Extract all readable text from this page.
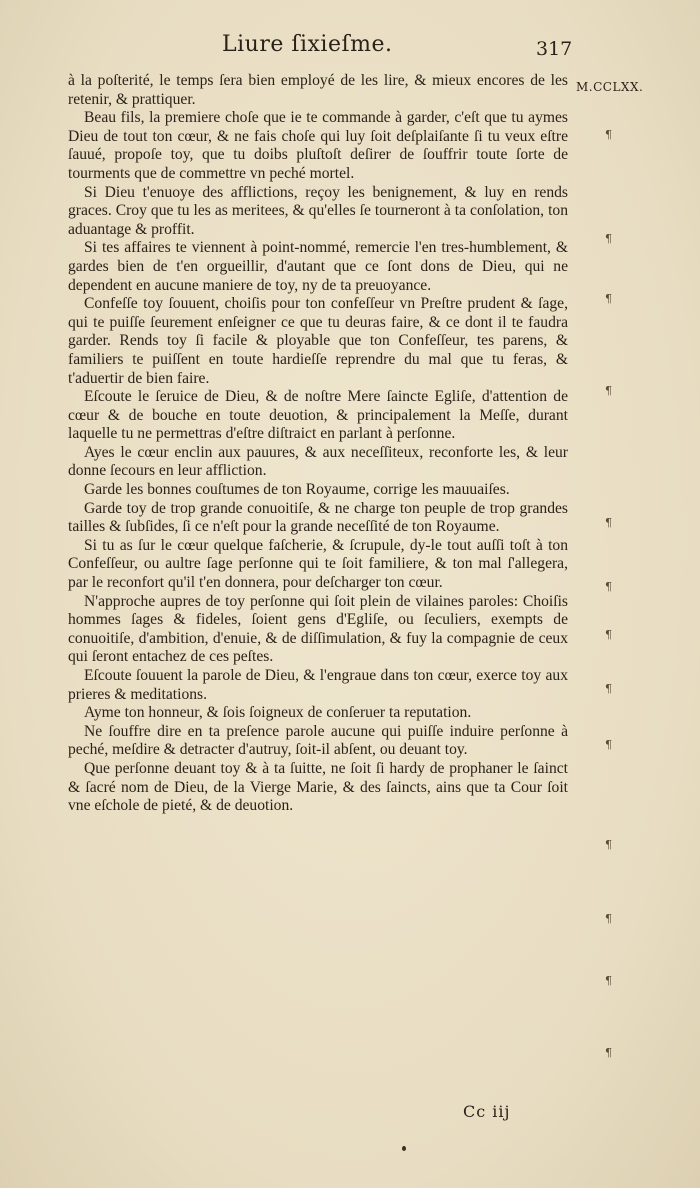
Liure ſixieſme.	317
M.CCLXX.

à la poſterité, le temps ſera bien employé de les lire, & mieux encores de les retenir, & prattiquer.

Beau fils, la premiere choſe que ie te commande à garder, c'eſt que tu aymes Dieu de tout ton cœur, & ne fais choſe qui luy ſoit deſplaiſante ſi tu veux eſtre ſauué, propoſe toy, que tu doibs pluſtoſt deſirer de ſouffrir toute ſorte de tourments que de commettre vn peché mortel.

Si Dieu t'enuoye des afflictions, reçoy les benignement, & luy en rends graces. Croy que tu les as meritees, & qu'elles ſe tourneront à ta conſolation, ton aduantage & proffit.

Si tes affaires te viennent à point-nommé, remercie l'en tres-humblement, & gardes bien de t'en orgueillir, d'autant que ce ſont dons de Dieu, qui ne dependent en aucune maniere de toy, ny de ta preuoyance.

Confeſſe toy ſouuent, choiſis pour ton confeſſeur vn Preſtre prudent & ſage, qui te puiſſe ſeurement enſeigner ce que tu deuras faire, & ce dont il te faudra garder. Rends toy ſi facile & ployable que ton Confeſſeur, tes parens, & familiers te puiſſent en toute hardieſſe reprendre du mal que tu feras, & t'aduertir de bien faire.

Eſcoute le ſeruice de Dieu, & de noſtre Mere ſaincte Egliſe, d'attention de cœur & de bouche en toute deuotion, & principalement la Meſſe, durant laquelle tu ne permettras d'eſtre diſtraict en parlant à perſonne.

Ayes le cœur enclin aux pauures, & aux neceſſiteux, reconforte les, & leur donne ſecours en leur affliction.

Garde les bonnes couſtumes de ton Royaume, corrige les mauuaiſes.

Garde toy de trop grande conuoitiſe, & ne charge ton peuple de trop grandes tailles & ſubſides, ſi ce n'eſt pour la grande neceſſité de ton Royaume.

Si tu as ſur le cœur quelque faſcherie, & ſcrupule, dy-le tout auſſi toſt à ton Confeſſeur, ou aultre ſage perſonne qui te ſoit familiere, & ton mal ſ'allegera, par le reconfort qu'il t'en donnera, pour deſcharger ton cœur.

N'approche aupres de toy perſonne qui ſoit plein de vilaines paroles: Choiſis hommes ſages & fideles, ſoient gens d'Egliſe, ou ſeculiers, exempts de conuoitiſe, d'ambition, d'enuie, & de diſſimulation, & fuy la compagnie de ceux qui ſeront entachez de ces peſtes.

Eſcoute ſouuent la parole de Dieu, & l'engraue dans ton cœur, exerce toy aux prieres & meditations.

Ayme ton honneur, & ſois ſoigneux de conſeruer ta reputation.

Ne ſouffre dire en ta preſence parole aucune qui puiſſe induire perſonne à peché, meſdire & detracter d'autruy, ſoit-il abſent, ou deuant toy.

Que perſonne deuant toy & à ta ſuitte, ne ſoit ſi hardy de prophaner le ſainct & ſacré nom de Dieu, de la Vierge Marie, & des ſaincts, ains que ta Cour ſoit vne eſchole de pieté, & de deuotion.

¶
¶
¶
¶
¶
¶
¶
¶
¶
¶
¶
¶
¶
Cc iij
